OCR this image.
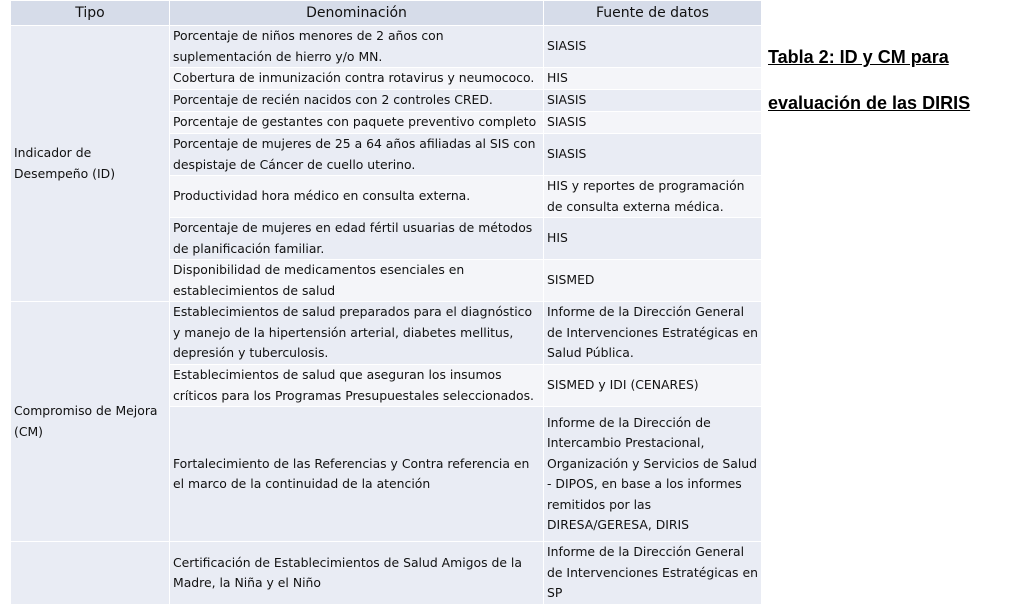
Tipo	Denominación	Fuente de datos
Indicador de Desempeño (ID)	Porcentaje de niños menores de 2 años con suplementación de hierro y/o MN.	SIASIS
	Cobertura de inmunización contra rotavirus y neumococo.	HIS
	Porcentaje de recién nacidos con 2 controles CRED.	SIASIS
	Porcentaje de gestantes con paquete preventivo completo	SIASIS
	Porcentaje de mujeres de 25 a 64 años afiliadas al SIS con despistaje de Cáncer de cuello uterino.	SIASIS
	Productividad hora médico en consulta externa.	HIS y reportes de programación de consulta externa médica.
	Porcentaje de mujeres en edad fértil usuarias de métodos de planificación familiar.	HIS
	Disponibilidad de medicamentos esenciales en establecimientos de salud	SISMED
Compromiso de Mejora (CM)	Establecimientos de salud preparados para el diagnóstico y manejo de la hipertensión arterial, diabetes mellitus, depresión y tuberculosis.	Informe de la Dirección General de Intervenciones Estratégicas en Salud Pública.
	Establecimientos de salud que aseguran los insumos críticos para los Programas Presupuestales seleccionados.	SISMED y IDI (CENARES)
	Fortalecimiento de las Referencias y Contra referencia en el marco de la continuidad de la atención	Informe de la Dirección de Intercambio Prestacional, Organización y Servicios de Salud - DIPOS, en base a los informes remitidos por las DIRESA/GERESA, DIRIS
	Certificación de Establecimientos de Salud Amigos de la Madre, la Niña y el Niño	Informe de la Dirección General de Intervenciones Estratégicas en SP
Tabla 2: ID y CM para
evaluación de las DIRIS
